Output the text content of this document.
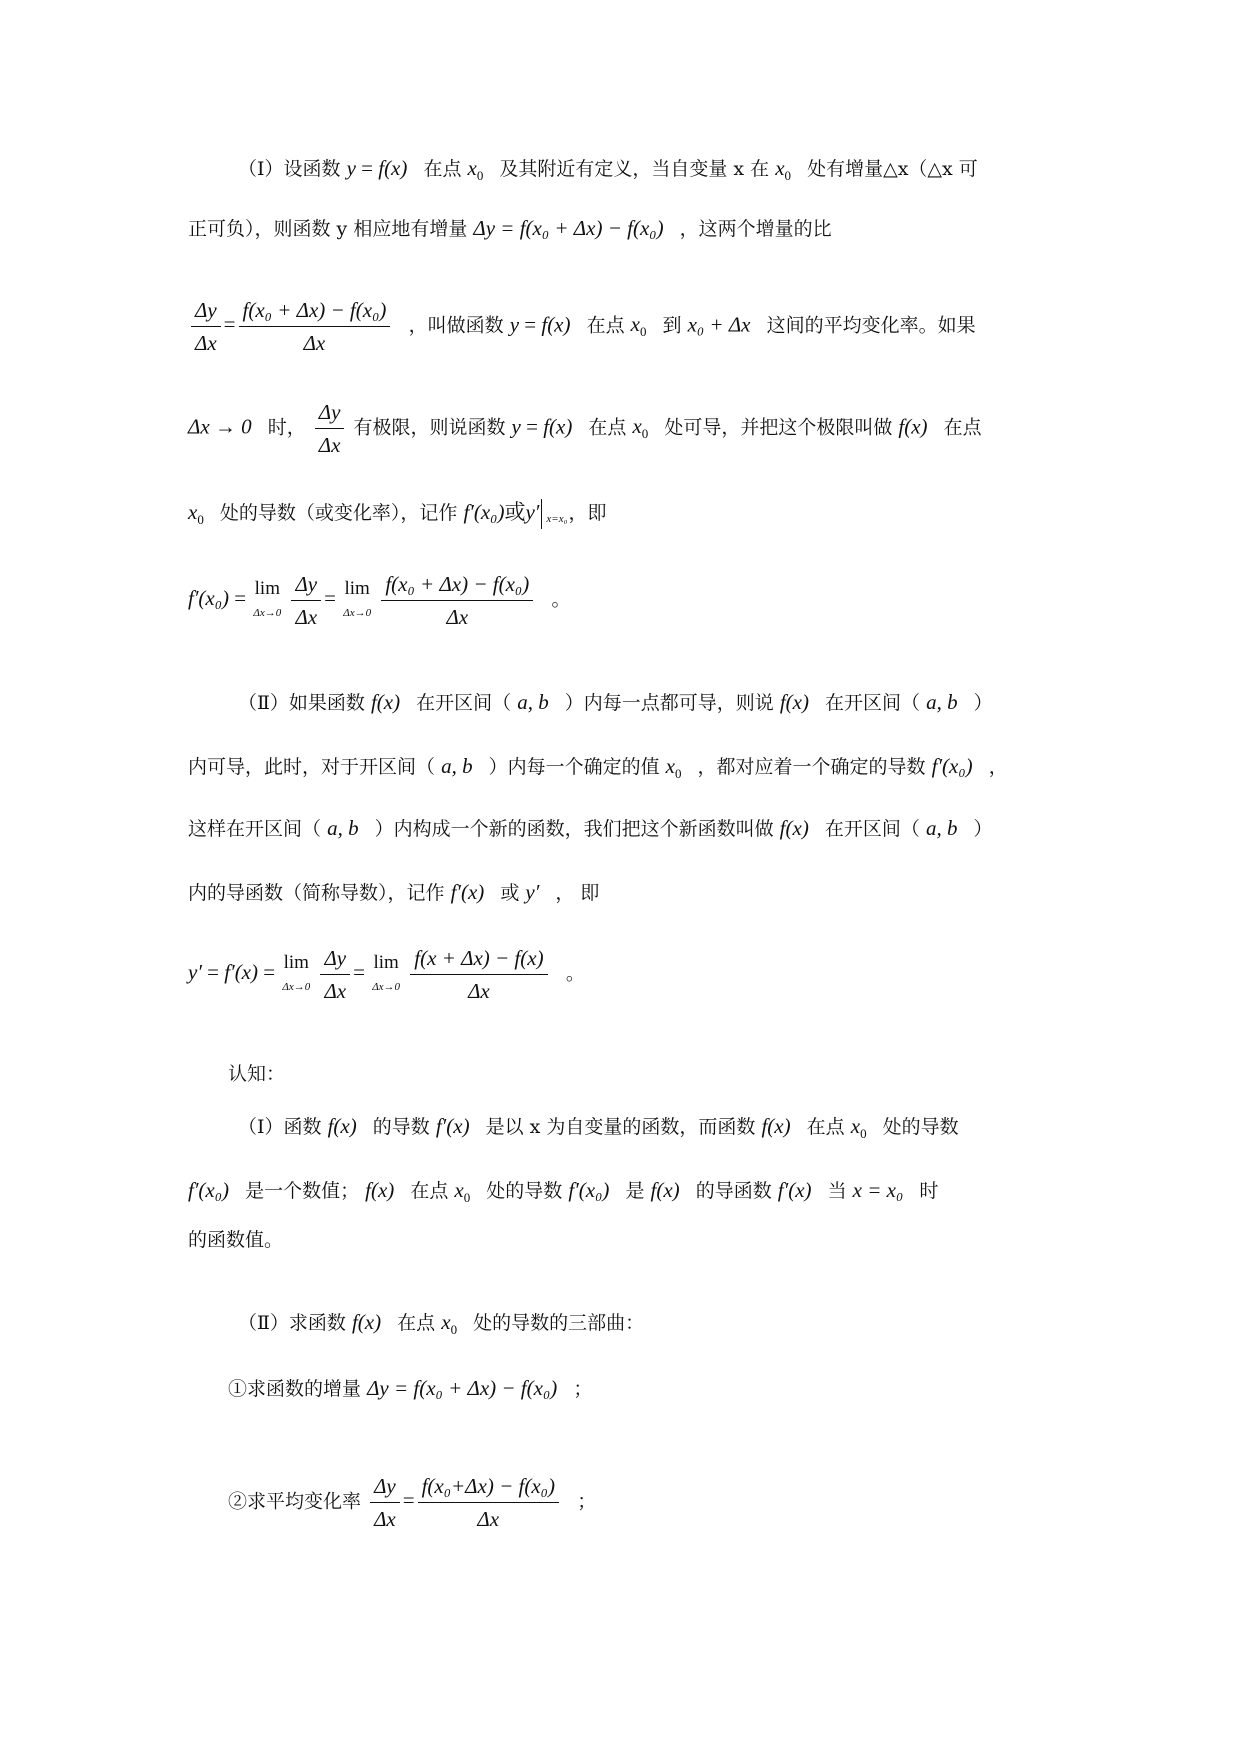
（Ⅰ）设函数 y = f(x) 在点 $x_0$ 及其附近有定义，当自变量 x 在 $x_0$ 处有增量△x（△x 可
正可负），则函数 y 相应地有增量 Δy = f(x₀ + Δx) − f(x₀) ，这两个增量的比
$\frac{\Delta y}{\Delta x} = \frac{\text{f(x₀ + Δx) − f(x₀)}}{\Delta x}$ ，叫做函数 y = f(x) 在点 $x_0$ 到 x₀ + Δx 这间的平均变化率。如果
Δx → 0 时， $\frac{\Delta y}{\Delta x}$ 有极限，则说函数 y = f(x) 在点 $x_0$ 处可导，并把这个极限叫做 f(x) 在点
$x_0$ 处的导数（或变化率），记作 f′(x₀)或y′ x=x₀ ，即
f′(x₀) = lim
Δx→0
$\frac{\Delta y}{\Delta x} = \lim$
Δx→0
$\frac{\text{f(x₀ + Δx) − f(x₀)}}{\Delta x}$ 。
（Ⅱ）如果函数 f(x) 在开区间（ a, b ）内每一点都可导，则说 f(x) 在开区间（ a, b ）
内可导，此时，对于开区间（ a, b ）内每一个确定的值 $x_0$ ，都对应着一个确定的导数 f′(x₀) ，
这样在开区间（ a, b ）内构成一个新的函数，我们把这个新函数叫做 f(x) 在开区间（ a, b ）
内的导函数（简称导数），记作 f′(x) 或 y′ ， 即
y′ = f′(x) = lim
Δx→0
$\frac{\Delta y}{\Delta x} = \lim$
Δx→0
$\frac{f(x + \Delta x) - f(x)}{\Delta x}$ 。
认知：
（Ⅰ）函数 f(x) 的导数 f′(x) 是以 x 为自变量的函数，而函数 f(x) 在点 $x_0$ 处的导数
f′(x₀) 是一个数值； f(x) 在点 $x_0$ 处的导数 f′(x₀) 是 f(x) 的导函数 f′(x) 当 x = x₀ 时
的函数值。
（Ⅱ）求函数 f(x) 在点 $x_0$ 处的导数的三部曲：
①求函数的增量 Δy = f(x₀ + Δx) − f(x₀) ；
②求平均变化率 $\frac{\Delta y}{\Delta x} = \frac{\text{f(x₀+Δx) − f(x₀)}}{\Delta x}$ ；
